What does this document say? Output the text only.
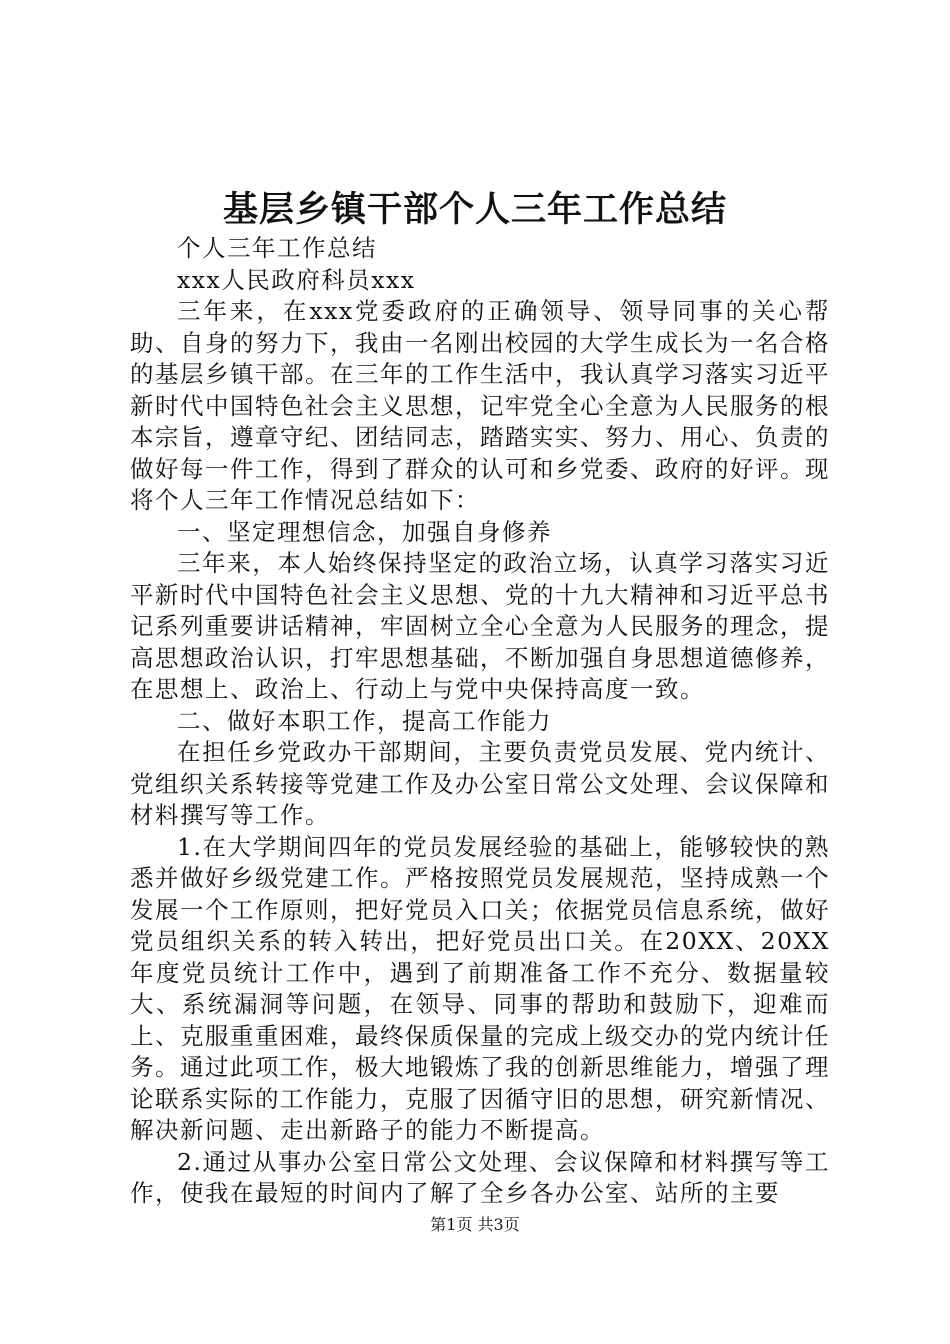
基层乡镇干部个人三年工作总结

个人三年工作总结

xxx人民政府科员xxx

三年来，在xxx党委政府的正确领导、领导同事的关心帮助、自身的努力下，我由一名刚出校园的大学生成长为一名合格的基层乡镇干部。在三年的工作生活中，我认真学习落实习近平新时代中国特色社会主义思想，记牢党全心全意为人民服务的根本宗旨，遵章守纪、团结同志，踏踏实实、努力、用心、负责的做好每一件工作，得到了群众的认可和乡党委、政府的好评。现将个人三年工作情况总结如下：

一、坚定理想信念，加强自身修养

三年来，本人始终保持坚定的政治立场，认真学习落实习近平新时代中国特色社会主义思想、党的十九大精神和习近平总书记系列重要讲话精神，牢固树立全心全意为人民服务的理念，提高思想政治认识，打牢思想基础，不断加强自身思想道德修养，在思想上、政治上、行动上与党中央保持高度一致。

二、做好本职工作，提高工作能力

在担任乡党政办干部期间，主要负责党员发展、党内统计、党组织关系转接等党建工作及办公室日常公文处理、会议保障和材料撰写等工作。

1.在大学期间四年的党员发展经验的基础上，能够较快的熟悉并做好乡级党建工作。严格按照党员发展规范，坚持成熟一个发展一个工作原则，把好党员入口关；依据党员信息系统，做好党员组织关系的转入转出，把好党员出口关。在20XX、20XX年度党员统计工作中，遇到了前期准备工作不充分、数据量较大、系统漏洞等问题，在领导、同事的帮助和鼓励下，迎难而上、克服重重困难，最终保质保量的完成上级交办的党内统计任务。通过此项工作，极大地锻炼了我的创新思维能力，增强了理论联系实际的工作能力，克服了因循守旧的思想，研究新情况、解决新问题、走出新路子的能力不断提高。

2.通过从事办公室日常公文处理、会议保障和材料撰写等工作，使我在最短的时间内了解了全乡各办公室、站所的主要

第1页 共3页
